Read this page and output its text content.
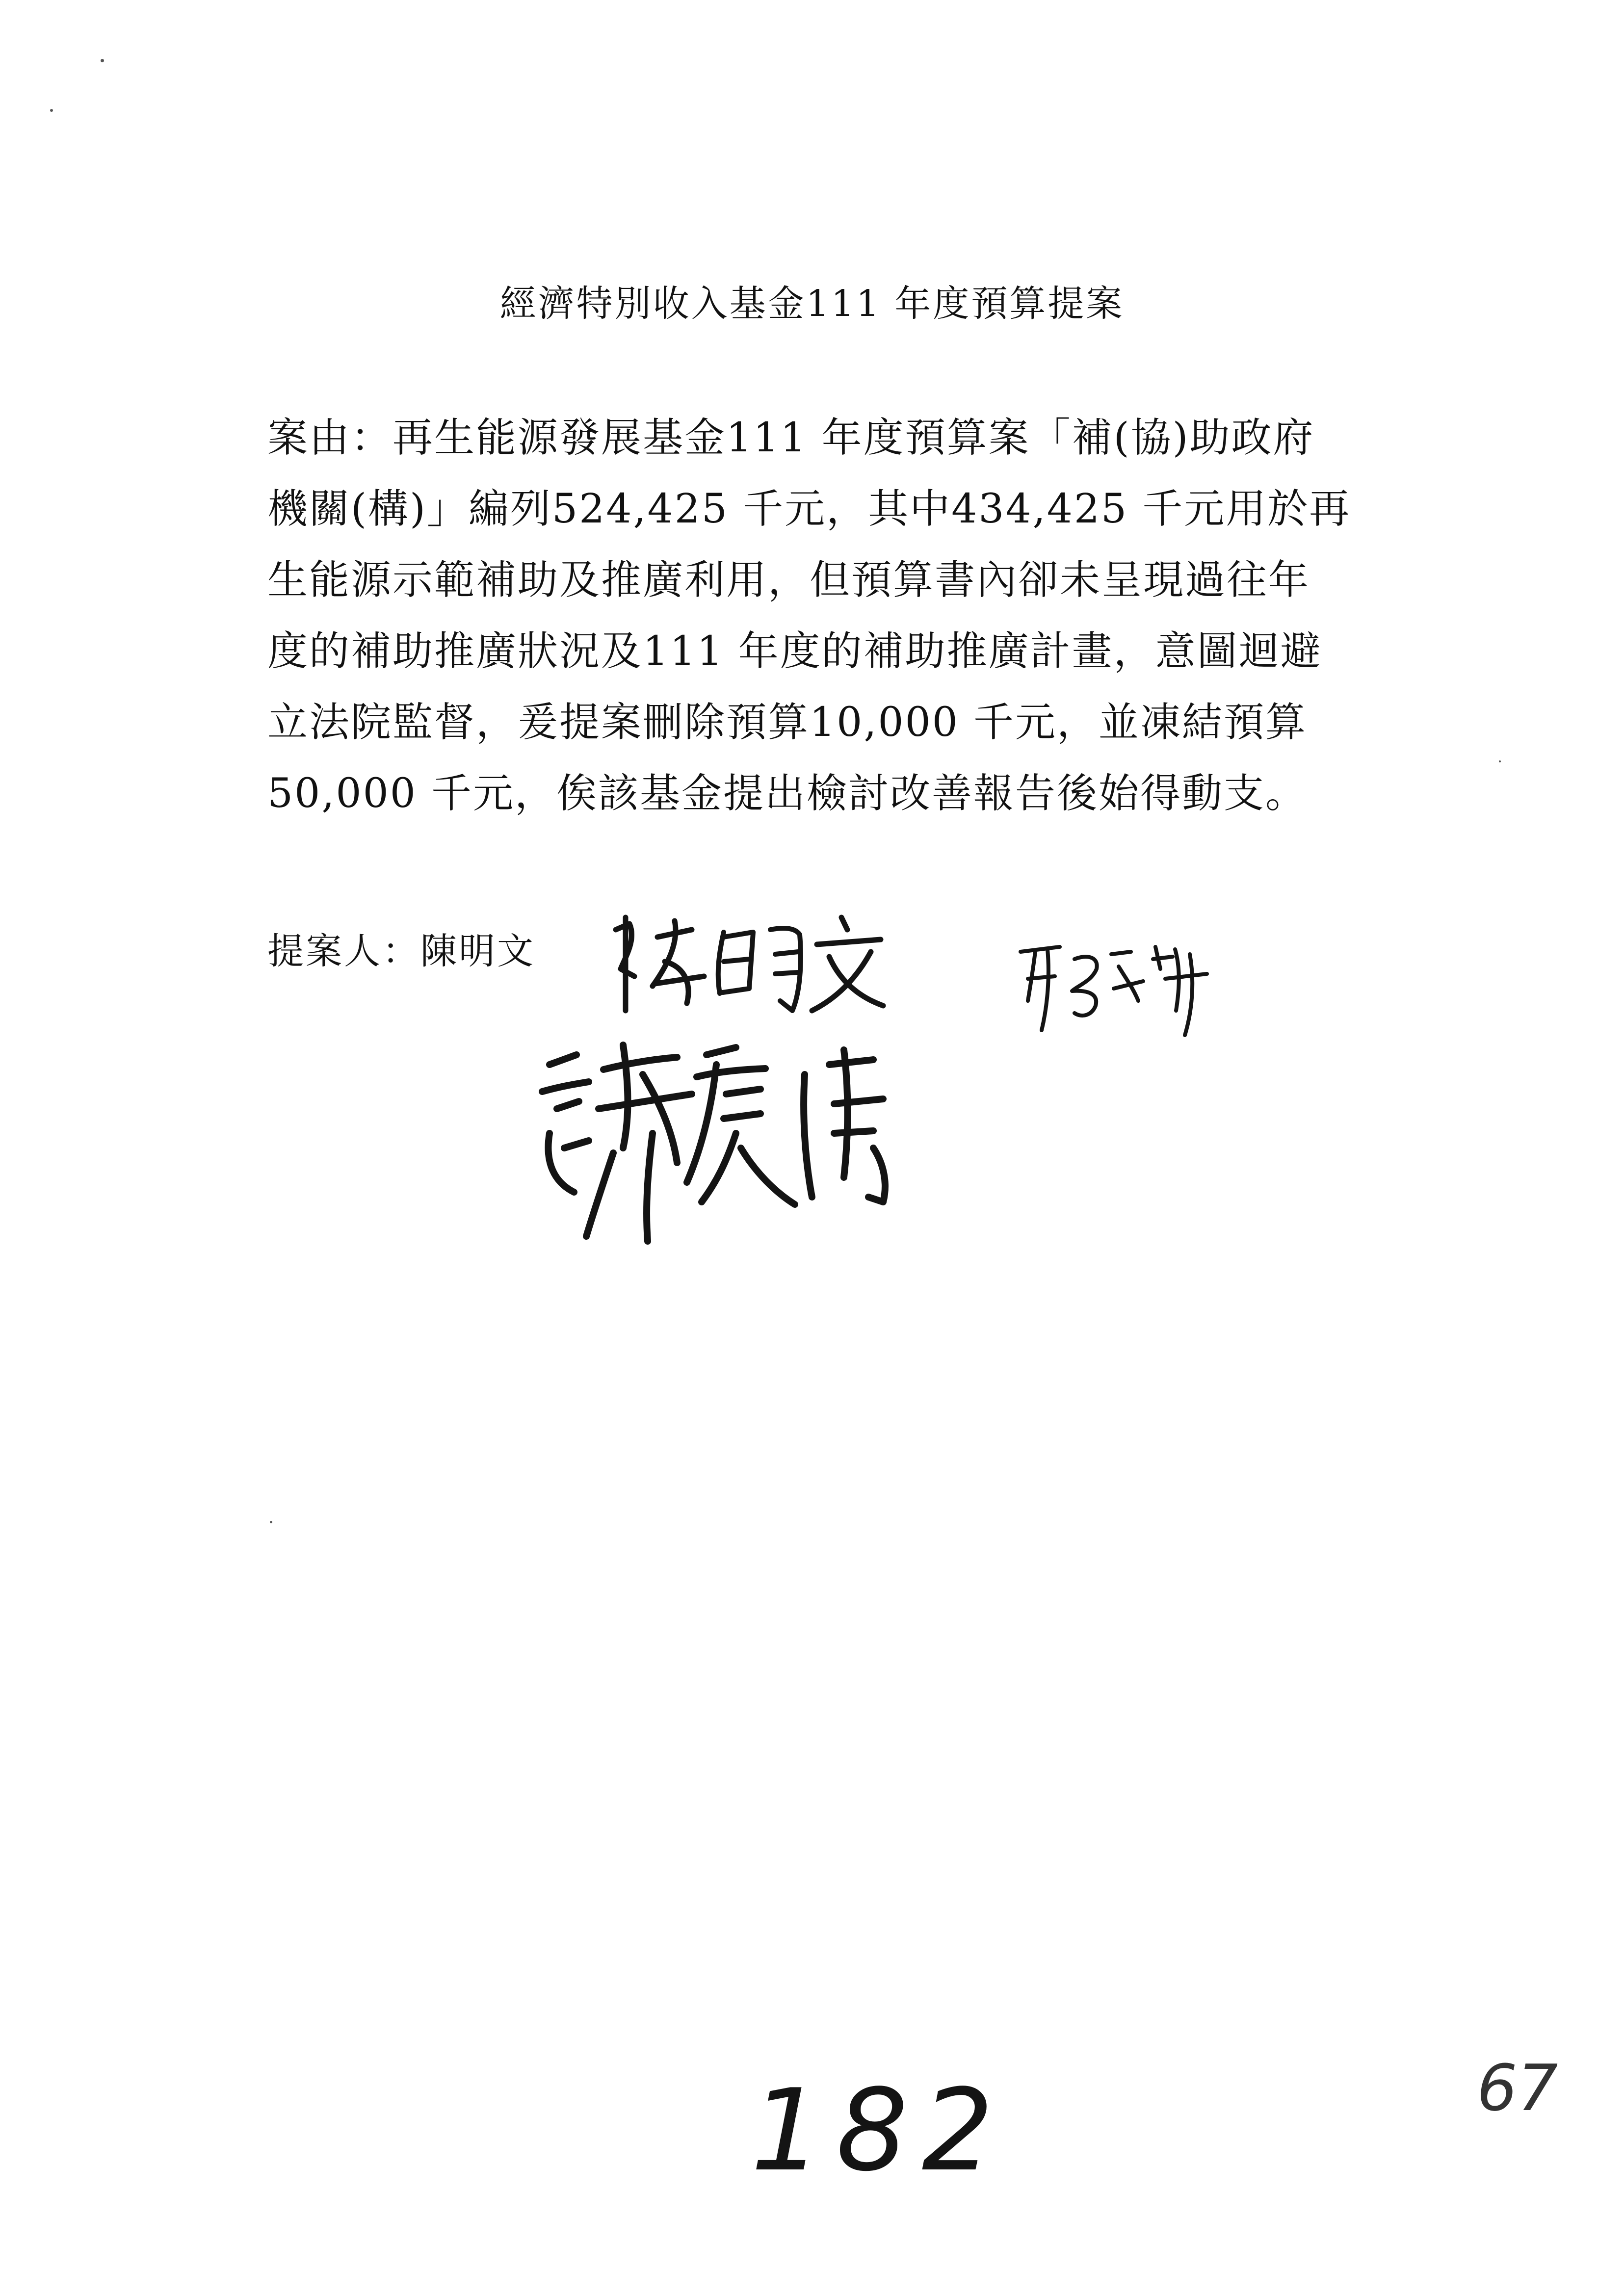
經濟特別收入基金111 年度預算提案
案由：再生能源發展基金111 年度預算案「補(協)助政府
機關(構)」編列524,425 千元，其中434,425 千元用於再
生能源示範補助及推廣利用，但預算書內卻未呈現過往年
度的補助推廣狀況及111 年度的補助推廣計畫，意圖迴避
立法院監督，爰提案刪除預算10,000 千元，並凍結預算
50,000 千元，俟該基金提出檢討改善報告後始得動支。
提案人：陳明文
182	67
